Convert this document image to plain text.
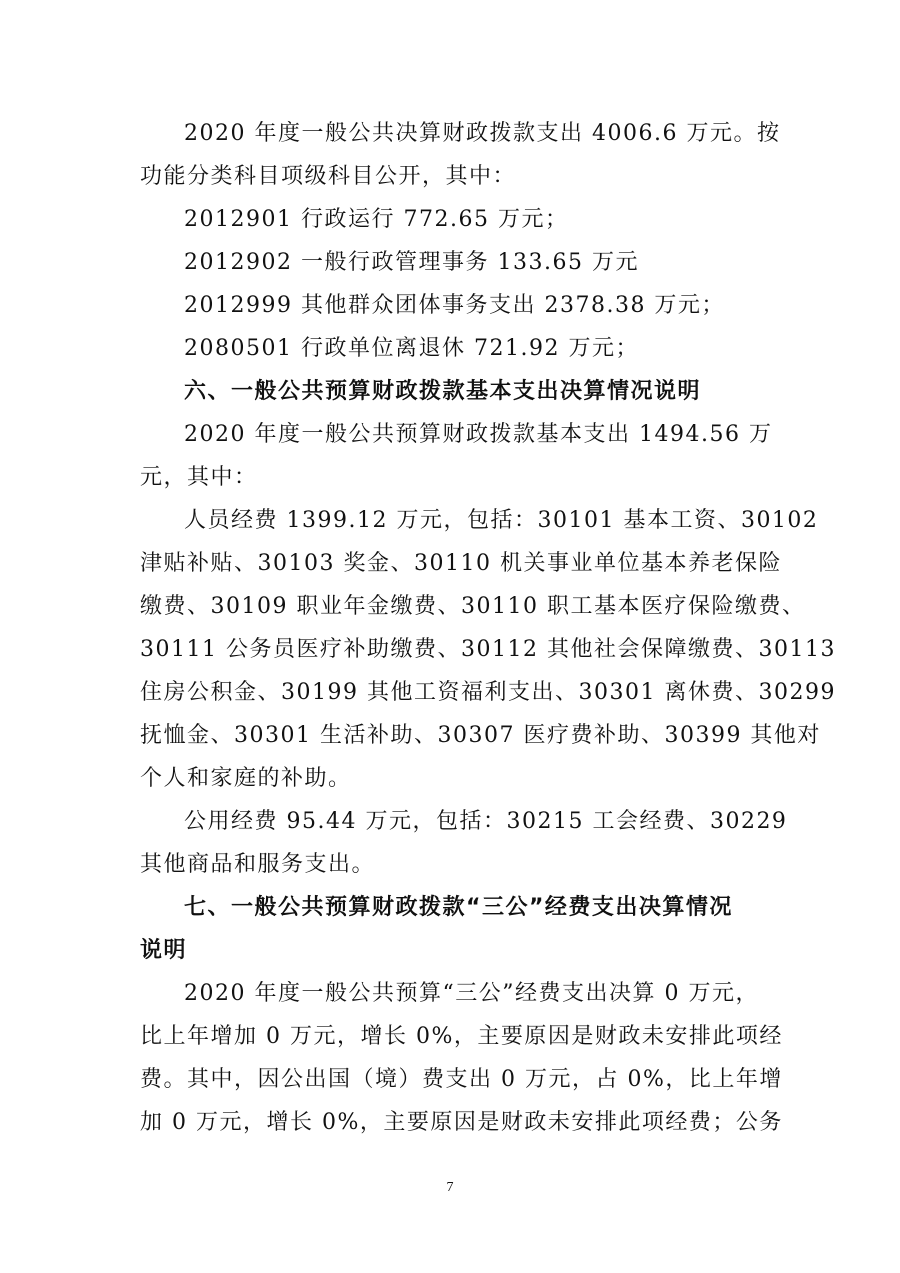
2020 年度一般公共决算财政拨款支出 4006.6 万元。按
功能分类科目项级科目公开，其中：
2012901 行政运行 772.65 万元；
2012902 一般行政管理事务 133.65 万元
2012999 其他群众团体事务支出 2378.38 万元；
2080501 行政单位离退休 721.92 万元；
六、一般公共预算财政拨款基本支出决算情况说明
2020 年度一般公共预算财政拨款基本支出 1494.56 万
元，其中：
人员经费 1399.12 万元，包括：30101 基本工资、30102
津贴补贴、30103 奖金、30110 机关事业单位基本养老保险
缴费、30109 职业年金缴费、30110 职工基本医疗保险缴费、
30111 公务员医疗补助缴费、30112 其他社会保障缴费、30113
住房公积金、30199 其他工资福利支出、30301 离休费、30299
抚恤金、30301 生活补助、30307 医疗费补助、30399 其他对
个人和家庭的补助。
公用经费 95.44 万元，包括：30215 工会经费、30229
其他商品和服务支出。
七、一般公共预算财政拨款“三公”经费支出决算情况
说明
2020 年度一般公共预算“三公”经费支出决算 0 万元，
比上年增加 0 万元，增长 0%，主要原因是财政未安排此项经
费。其中，因公出国（境）费支出 0 万元，占 0%，比上年增
加 0 万元，增长 0%，主要原因是财政未安排此项经费；公务
7
